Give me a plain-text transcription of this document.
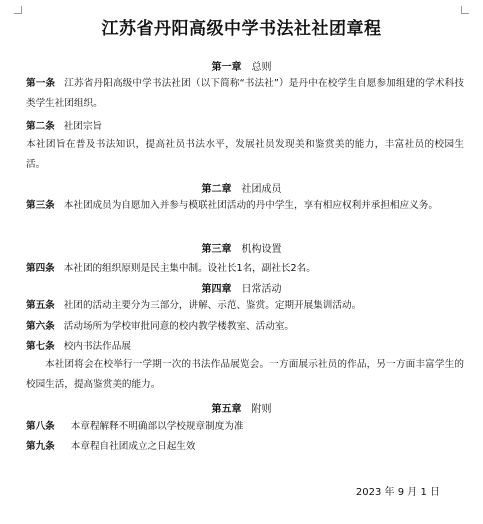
江苏省丹阳高级中学书法社社团章程
第一章 总则
第一条 江苏省丹阳高级中学书法社团（以下简称“书法社”）是丹中在校学生自愿参加组建的学术科技类学生社团组织。
第二条 社团宗旨
本社团旨在普及书法知识，提高社员书法水平，发展社员发现美和鉴赏美的能力，丰富社员的校园生活。
第二章 社团成员
第三条 本社团成员为自愿加入并参与模联社团活动的丹中学生，享有相应权利并承担相应义务。
第三章 机构设置
第四条 本社团的组织原则是民主集中制。设社长1名，副社长2名。
第四章 日常活动
第五条 社团的活动主要分为三部分，讲解、示范、鉴赏。定期开展集训活动。
第六条 活动场所为学校审批同意的校内教学楼教室、活动室。
第七条 校内书法作品展
本社团将会在校举行一学期一次的书法作品展览会。一方面展示社员的作品，另一方面丰富学生的校园生活，提高鉴赏美的能力。
第五章 附则
第八条 本章程解释不明确部以学校规章制度为准
第九条 本章程自社团成立之日起生效
2023 年 9 月 1 日
